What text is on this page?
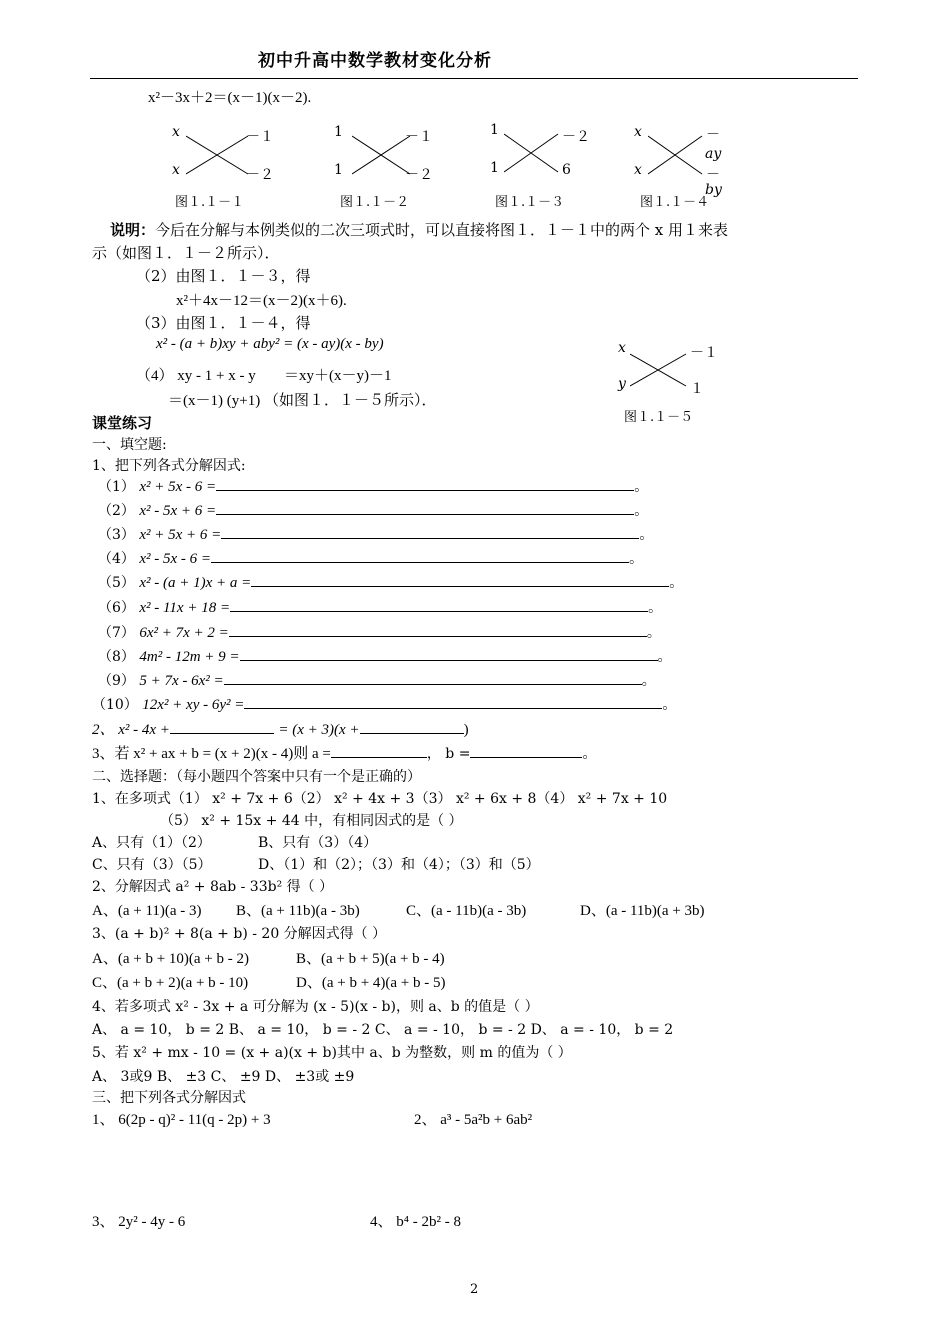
初中升高中数学教材变化分析
x²－3x＋2＝(x－1)(x－2).
x
x
－１
－２
图１.１－１
1
1
－１
－２
图１.１－２
1
1
－２
6
图１.１－３
x
x
－
ay
－
by
图１.１－４
说明：今后在分解与本例类似的二次三项式时，可以直接将图１．１－１中的两个 x 用１来表
示（如图１．１－２所示）．
（2）由图１．１－３，得
x²＋4x－12＝(x－2)(x＋6).
（3）由图１．１－４，得
x² - (a + b)xy + aby² = (x - ay)(x - by)
（4） xy - 1 + x - y ＝xy＋(x－y)－1
＝(x－1) (y+1) （如图１．１－５所示）．
x
y
－１
１
图１.１－５
课堂练习
一、填空题:
1、把下列各式分解因式:
（1） x² + 5x - 6 =	。
（2） x² - 5x + 6 =	。
（3） x² + 5x + 6 =	。
（4） x² - 5x - 6 =	。
（5） x² - (a + 1)x + a =	。
（6） x² - 11x + 18 =	。
（7） 6x² + 7x + 2 =	。
（8） 4m² - 12m + 9 =	。
（9） 5 + 7x - 6x² =	。
（10） 12x² + xy - 6y² =	。
2、 x² - 4x +	= (x + 3)(x +	)
3、若 x² + ax + b = (x + 2)(x - 4)则 a =	， b =	。
二、选择题：（每小题四个答案中只有一个是正确的）
1、在多项式（1） x² + 7x + 6（2） x² + 4x + 3（3） x² + 6x + 8（4） x² + 7x + 10
（5） x² + 15x + 44 中，有相同因式的是（ ）
A、只有（1）（2）	B、只有（3）（4）
C、只有（3）（5）	D、（1）和（2）；（3）和（4）；（3）和（5）
2、分解因式 a² + 8ab - 33b² 得（ ）
A、(a + 11)(a - 3) B、(a + 11b)(a - 3b)	C、(a - 11b)(a - 3b)	D、(a - 11b)(a + 3b)
3、(a + b)² + 8(a + b) - 20 分解因式得（ ）
A、(a + b + 10)(a + b - 2)	B、(a + b + 5)(a + b - 4)
C、(a + b + 2)(a + b - 10)	D、(a + b + 4)(a + b - 5)
4、若多项式 x² - 3x + a 可分解为 (x - 5)(x - b)，则 a、b 的值是（ ）
A、 a = 10， b = 2 B、 a = 10， b = - 2 C、 a = - 10， b = - 2 D、 a = - 10， b = 2
5、若 x² + mx - 10 = (x + a)(x + b)其中 a、b 为整数，则 m 的值为（ ）
A、 3或9 B、 ±3 C、 ±9 D、 ±3或 ±9
三、把下列各式分解因式
1、 6(2p - q)² - 11(q - 2p) + 3	2、 a³ - 5a²b + 6ab²
3、 2y² - 4y - 6	4、 b⁴ - 2b² - 8
2
